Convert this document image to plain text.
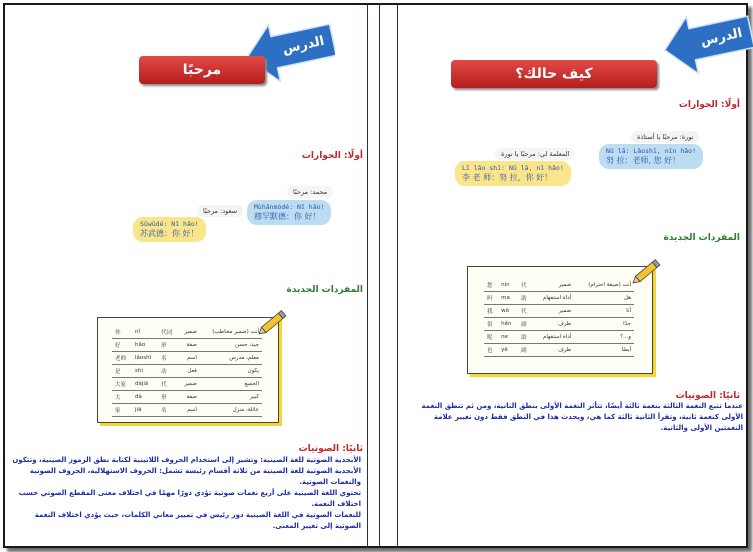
الدرس
مرحبًا
أولًا: الحوارات
محمد: مرحبًا
Mùhǎnmòdé: Nǐ hǎo!
穆罕默德：你 好！
سعود: مرحبًا
Sūwūdé: Nǐ hǎo!
苏武德：你 好！
المفردات الجديدة
你	nǐ	代词	ضمير	أنت (ضمير مخاطب)
好	hǎo	形	صفة	جيد، حسن
老师	lǎoshī	名	اسم	معلم، مدرس
是	shì	动	فعل	يكون
大家	dàjiā	代	ضمير	الجميع
大	dà	形	صفة	كبير
家	jiā	名	اسم	عائلة، منزل
ثانيًا: الصوتيات

الأبجدية الصوتية للغة الصينية: وتشير إلى استخدام الحروف اللاتينية لكتابة نطق الرموز الصينية، وتتكون الأبجدية الصوتية للغة الصينية من ثلاثة أقسام رئيسة تشمل: الحروف الاستهلالية، الحروف الصوتية والنغمات الصوتية.

تحتوي اللغة الصينية على أربع نغمات صوتية تؤدي دورًا مهمًا في اختلاف معنى المقطع الصوتي حسب اختلاف النغمة.

للنغمات الصوتية في اللغة الصينية دور رئيس في تمييز معاني الكلمات، حيث يؤدي اختلاف النغمة الصوتية إلى تغيير المعنى.

الدرس
كيف حالك؟
أولًا: الحوارات
نورة: مرحبًا يا أستاذة
Nǔ lā: Lǎoshī, nín hǎo!
努 拉：老师, 您 好！
المعلمة لي: مرحبًا يا نورة
Lǐ lǎo shī: Nǔ lā, nǐ hǎo!
李 老 师：努 拉，你 好！
المفردات الجديدة
您	nín	代	ضمير	أنت (صيغة احترام)
吗	ma	助	أداة استفهام	هل
我	wǒ	代	ضمير	أنا
很	hěn	副	ظرف	جدًا
呢	ne	助	أداة استفهام	و...؟
也	yě	副	ظرف	أيضًا
ثانيًا: الصوتيات

عندما تتبع النغمة الثالثة بنغمة ثالثة أيضًا، تتأثر النغمة الأولى بنطق الثانية، ومن ثم تنطق النغمة الأولى كنغمة ثانية، وتقرأ الثانية ثالثة كما هي، ويحدث هذا في النطق فقط دون تغيير علامة النغمتين الأولى والثانية.
